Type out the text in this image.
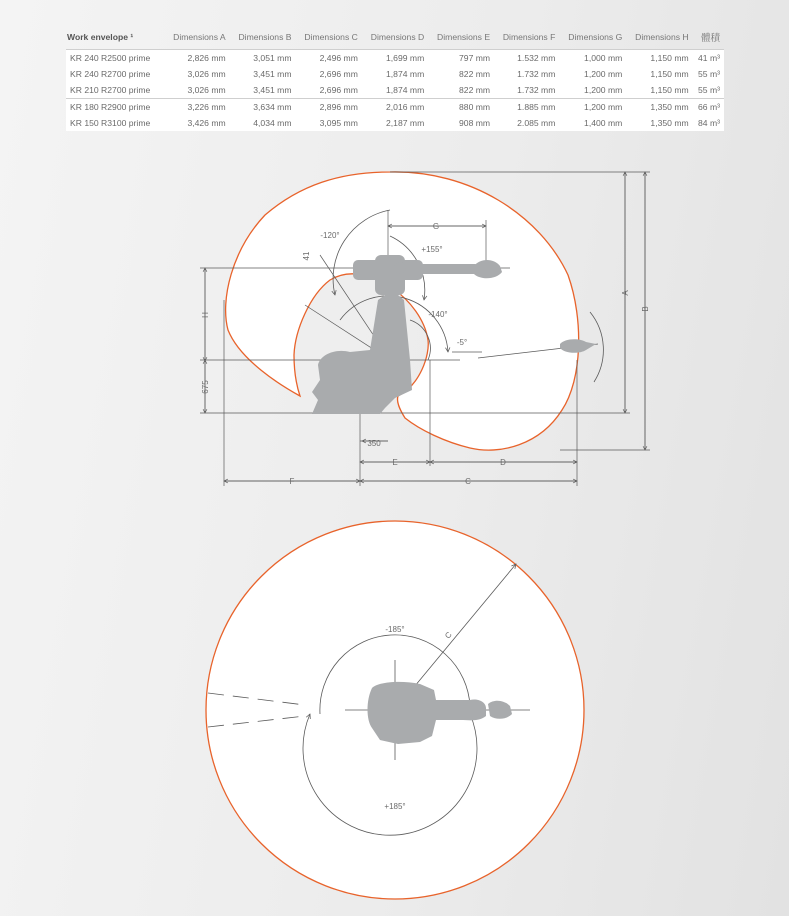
Work envelope ¹	Dimensions A	Dimensions B	Dimensions C	Dimensions D	Dimensions E	Dimensions F	Dimensions G	Dimensions H	體積
KR 240 R2500 prime	2,826 mm	3,051 mm	2,496 mm	1,699 mm	797 mm	1.532 mm	1,000 mm	1,150 mm	41 m³
KR 240 R2700 prime	3,026 mm	3,451 mm	2,696 mm	1,874 mm	822 mm	1.732 mm	1,200 mm	1,150 mm	55 m³
KR 210 R2700 prime	3,026 mm	3,451 mm	2,696 mm	1,874 mm	822 mm	1.732 mm	1,200 mm	1,150 mm	55 m³
KR 180 R2900 prime	3,226 mm	3,634 mm	2,896 mm	2,016 mm	880 mm	1.885 mm	1,200 mm	1,350 mm	66 m³
KR 150 R3100 prime	3,426 mm	4,034 mm	3,095 mm	2,187 mm	908 mm	2.085 mm	1,400 mm	1,350 mm	84 m³
A
B
C
D
E
F
G
H
350
675
41
-120°
+155°
-140°
-5°
C
-185°
+185°
